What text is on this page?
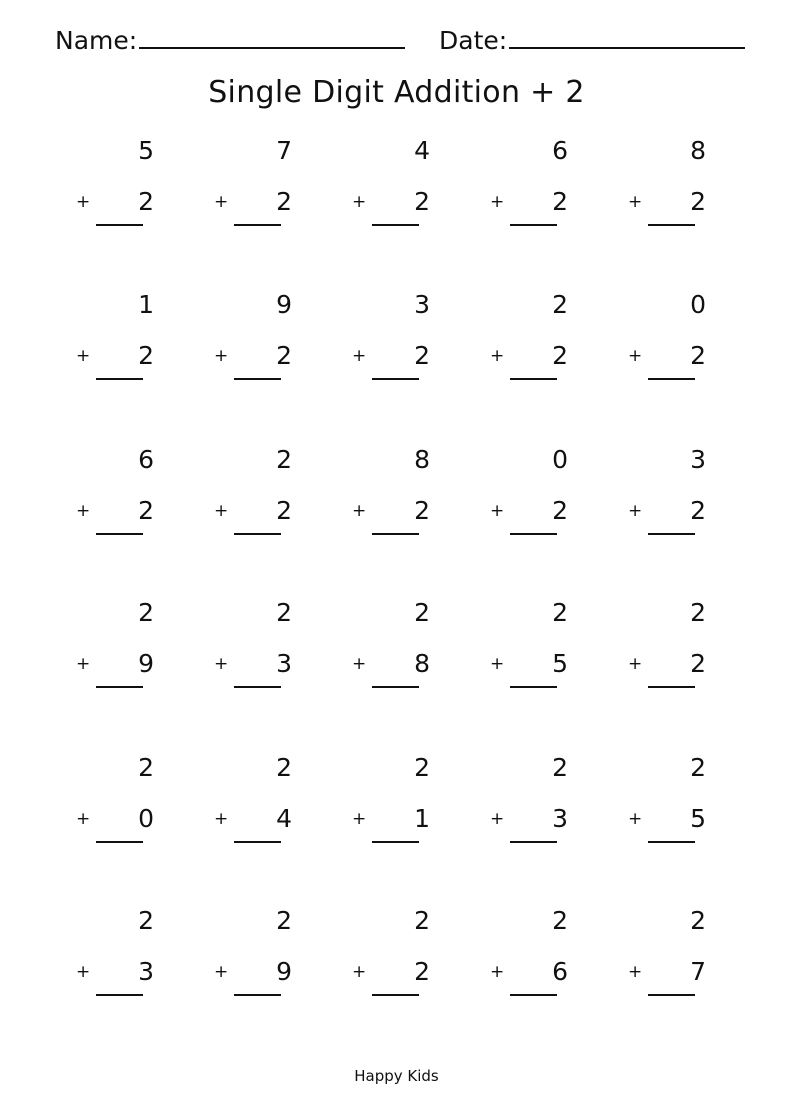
Name:	Date:
Single Digit Addition + 2
5
+	2
7
+	2
4
+	2
6
+	2
8
+	2
1
+	2
9
+	2
3
+	2
2
+	2
0
+	2
6
+	2
2
+	2
8
+	2
0
+	2
3
+	2
2
+	9
2
+	3
2
+	8
2
+	5
2
+	2
2
+	0
2
+	4
2
+	1
2
+	3
2
+	5
2
+	3
2
+	9
2
+	2
2
+	6
2
+	7
Happy Kids
